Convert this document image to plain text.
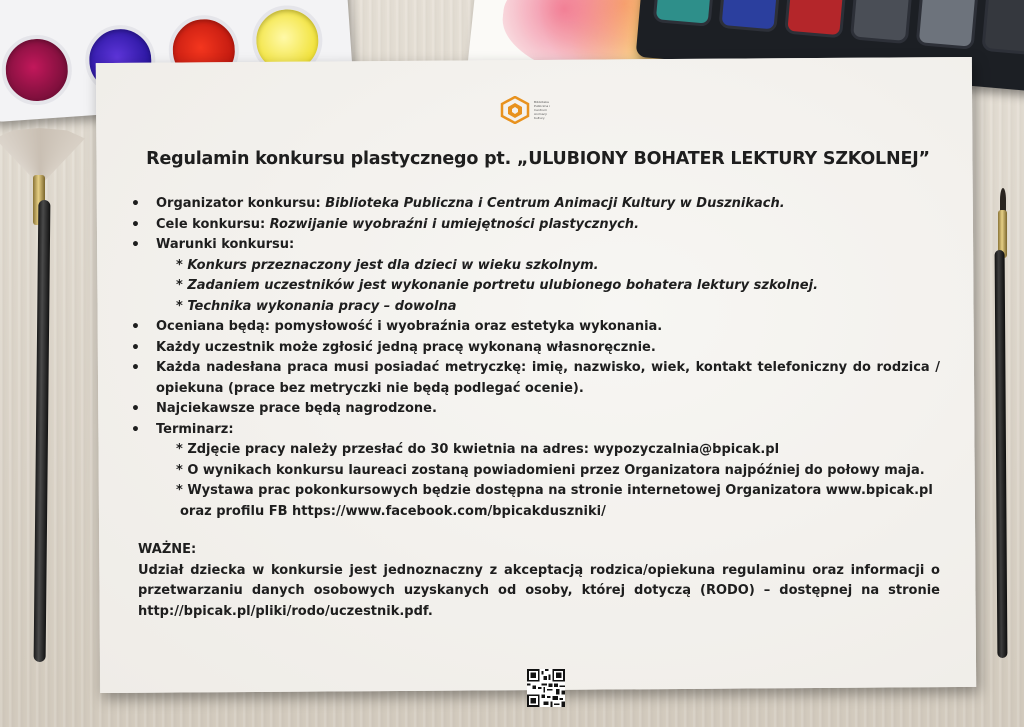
Biblioteka Publiczna i Centrum Animacji Kultury
Regulamin konkursu plastycznego pt. „ULUBIONY BOHATER LEKTURY SZKOLNEJ”
• Organizator konkursu: Biblioteka Publiczna i Centrum Animacji Kultury w Dusznikach.
• Cele konkursu: Rozwijanie wyobraźni i umiejętności plastycznych.
• Warunki konkursu:
* Konkurs przeznaczony jest dla dzieci w wieku szkolnym.
* Zadaniem uczestników jest wykonanie portretu ulubionego bohatera lektury szkolnej.
* Technika wykonania pracy – dowolna
• Oceniana będą: pomysłowość i wyobraźnia oraz estetyka wykonania.
• Każdy uczestnik może zgłosić jedną pracę wykonaną własnoręcznie.
• Każda nadesłana praca musi posiadać metryczkę: imię, nazwisko, wiek, kontakt telefoniczny do rodzica / opiekuna (prace bez metryczki nie będą podlegać ocenie).
• Najciekawsze prace będą nagrodzone.
• Terminarz:
* Zdjęcie pracy należy przesłać do 30 kwietnia na adres: wypozyczalnia@bpicak.pl
* O wynikach konkursu laureaci zostaną powiadomieni przez Organizatora najpóźniej do połowy maja.
* Wystawa prac pokonkursowych będzie dostępna na stronie internetowej Organizatora www.bpicak.pl
oraz profilu FB https://www.facebook.com/bpicakduszniki/
WAŻNE:
Udział dziecka w konkursie jest jednoznaczny z akceptacją rodzica/opiekuna regulaminu oraz informacji o przetwarzaniu danych osobowych uzyskanych od osoby, której dotyczą (RODO) – dostępnej na stronie http://bpicak.pl/pliki/rodo/uczestnik.pdf.
